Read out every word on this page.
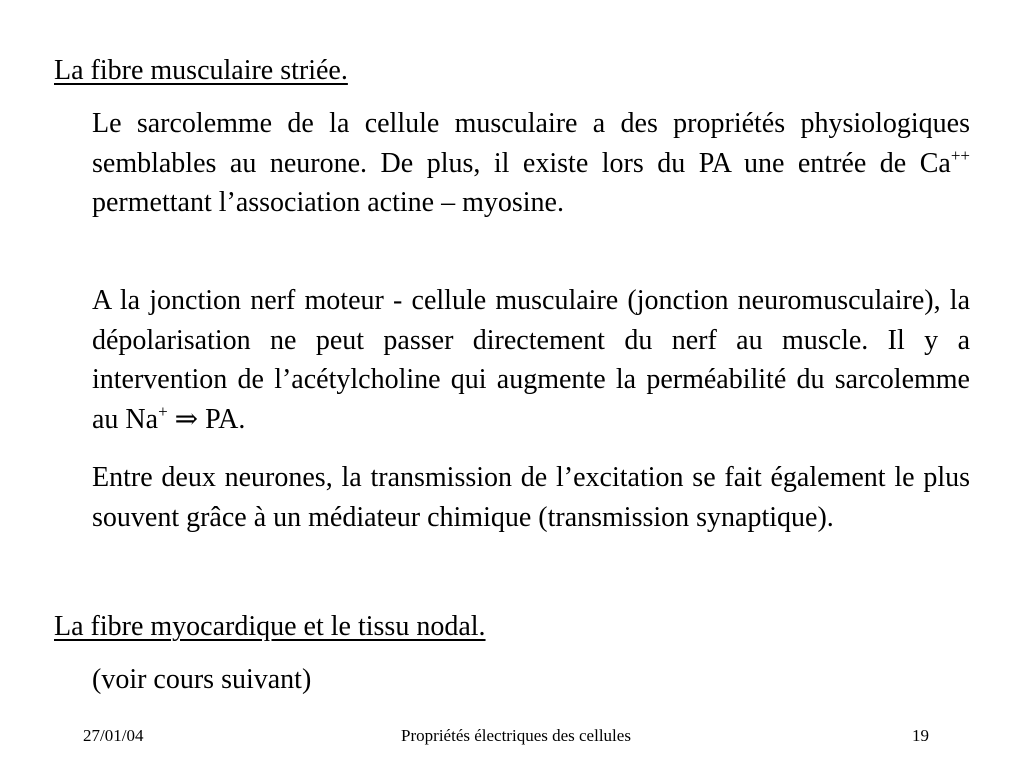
La fibre musculaire striée.

Le sarcolemme de la cellule musculaire a des propriétés physiologiques semblables au neurone. De plus, il existe lors du PA une entrée de Ca++ permettant l’association actine – myosine.

A la jonction nerf moteur - cellule musculaire (jonction neuromusculaire), la dépolarisation ne peut passer directement du nerf au muscle. Il y a intervention de l’acétylcholine qui augmente la perméabilité du sarcolemme au Na+ ⇒ PA.

Entre deux neurones, la transmission de l’excitation se fait également le plus souvent grâce à un médiateur chimique (transmission synaptique).

La fibre myocardique et le tissu nodal.

(voir cours suivant)

27/01/04	Propriétés électriques des cellules	19
